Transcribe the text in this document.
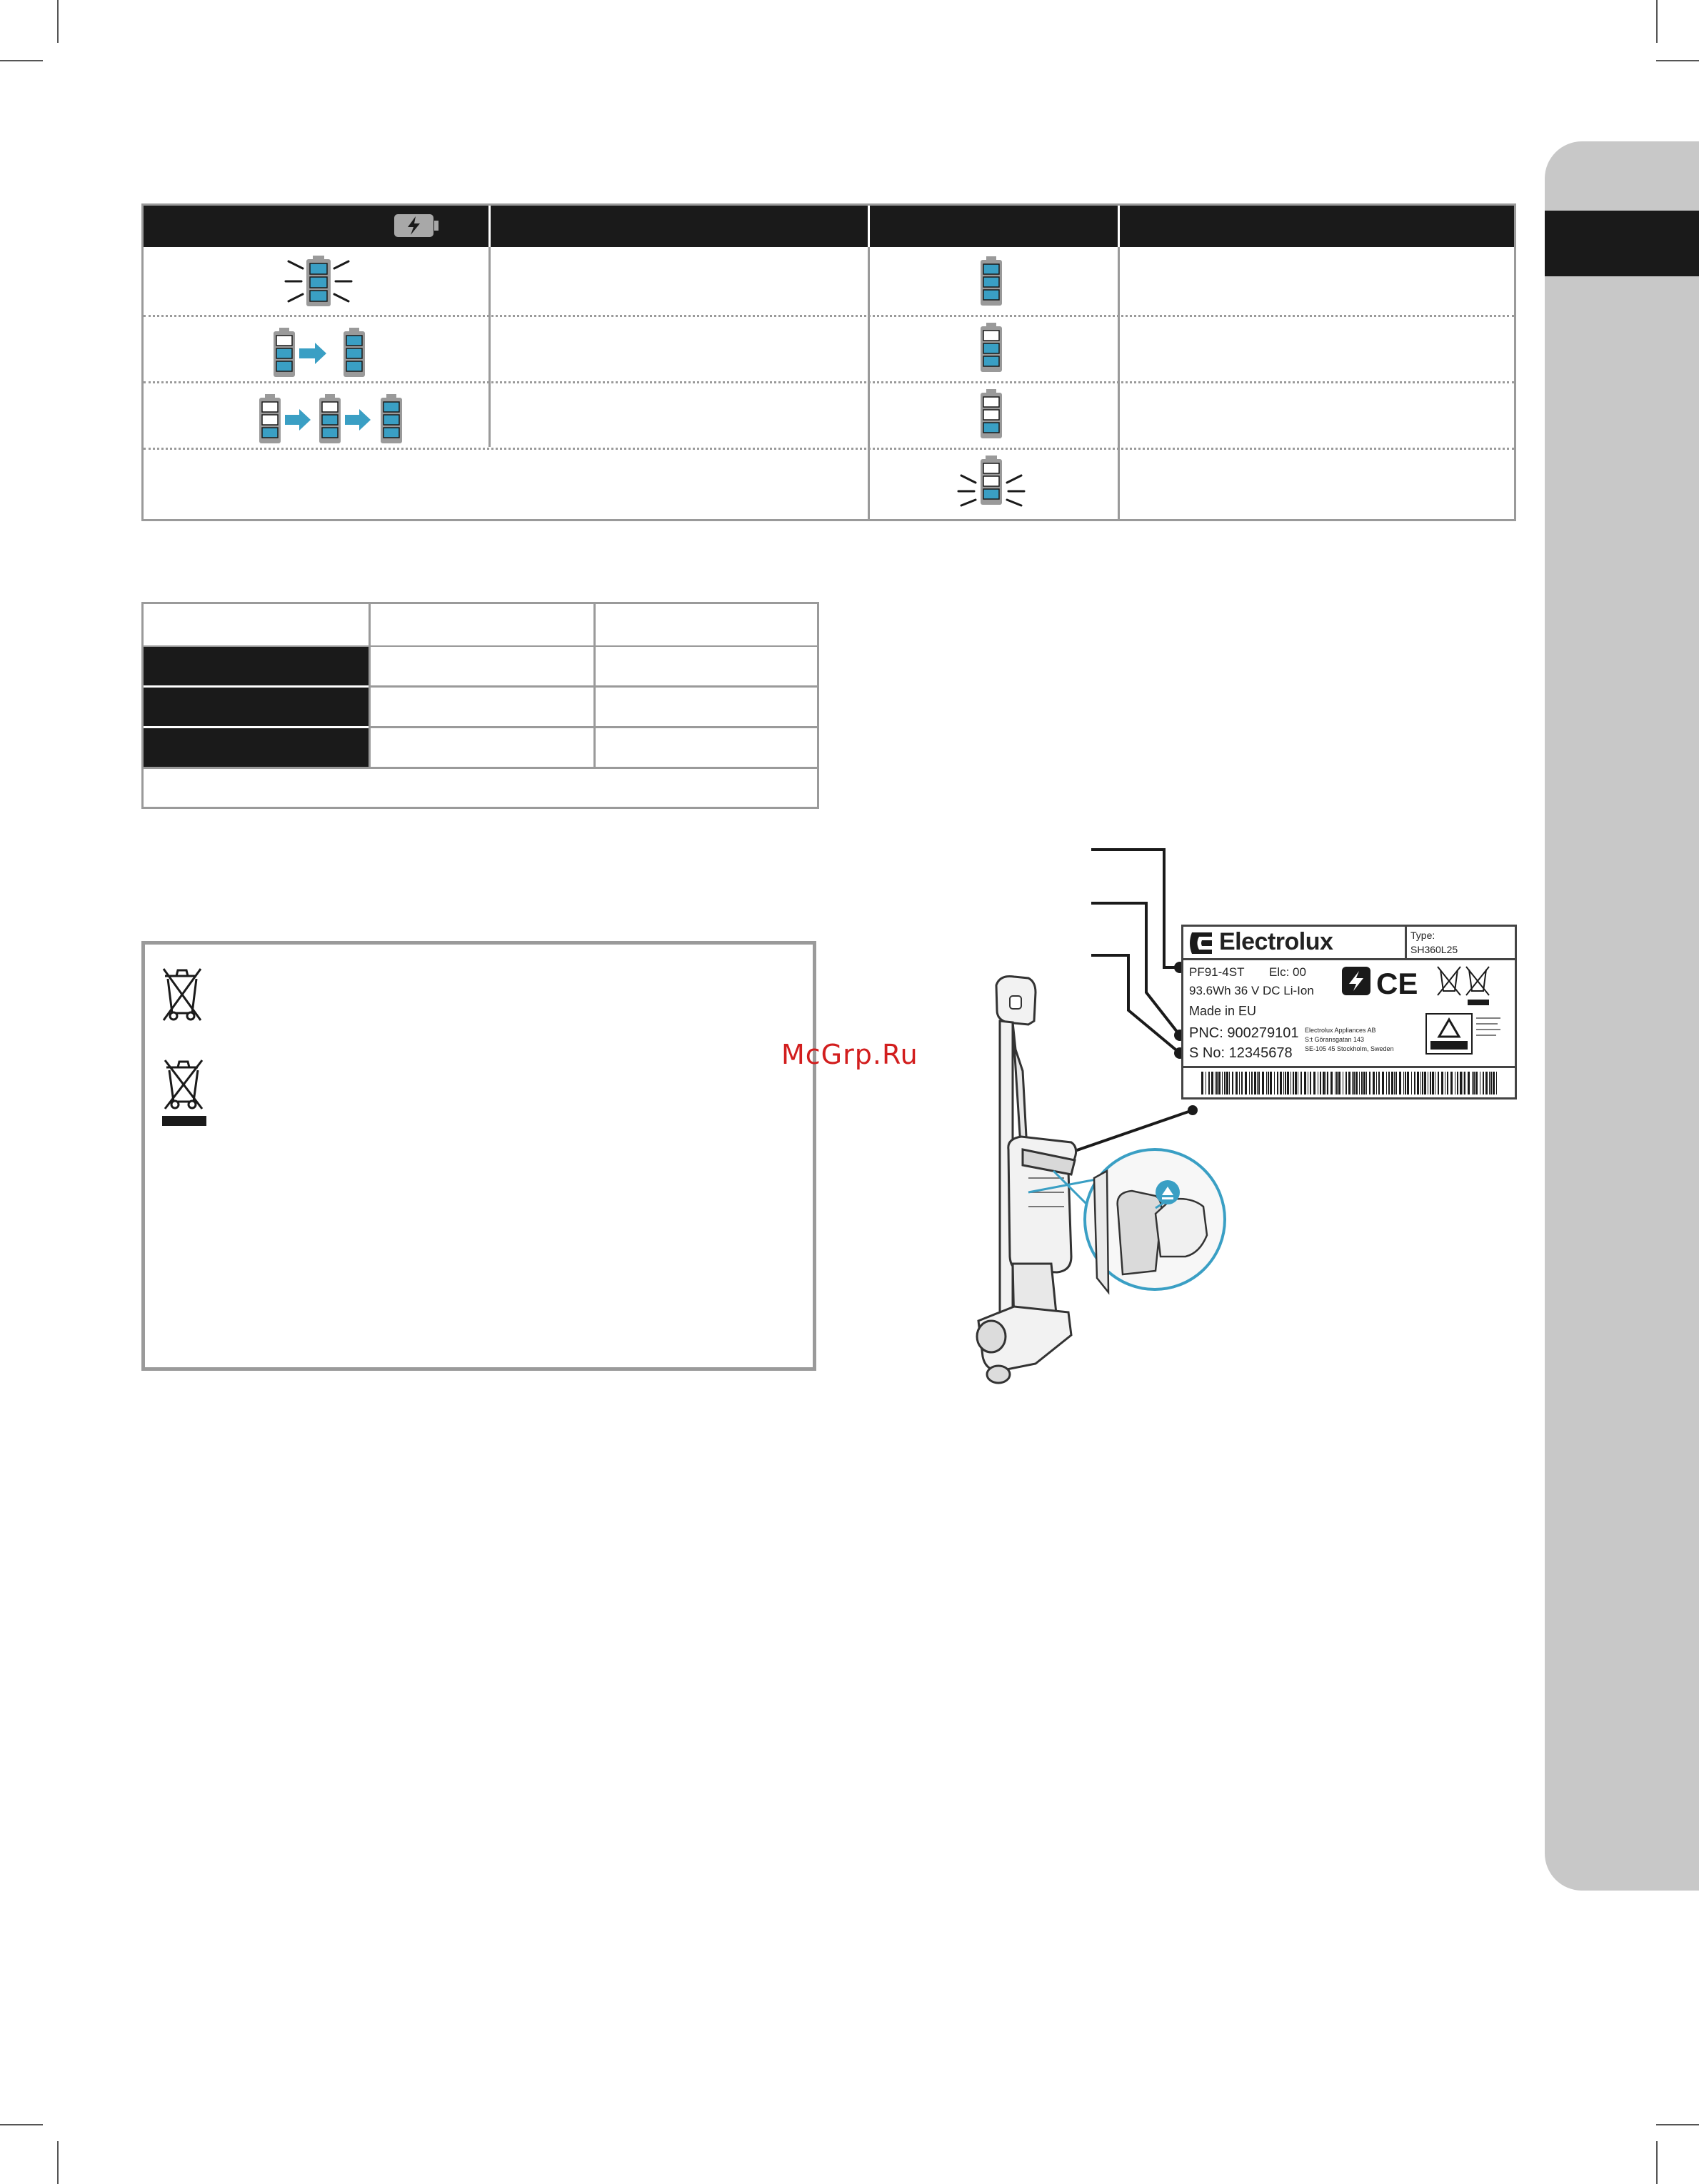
Electrolux	Type:
SH360L25
PF91-4ST Elc: 00
93.6Wh 36 V DC Li-Ion
Made in EU
PNC: 900279101
S No: 12345678
Electrolux Appliances AB
S:t Göransgatan 143
SE-105 45 Stockholm, Sweden
CE
McGrp.Ru
